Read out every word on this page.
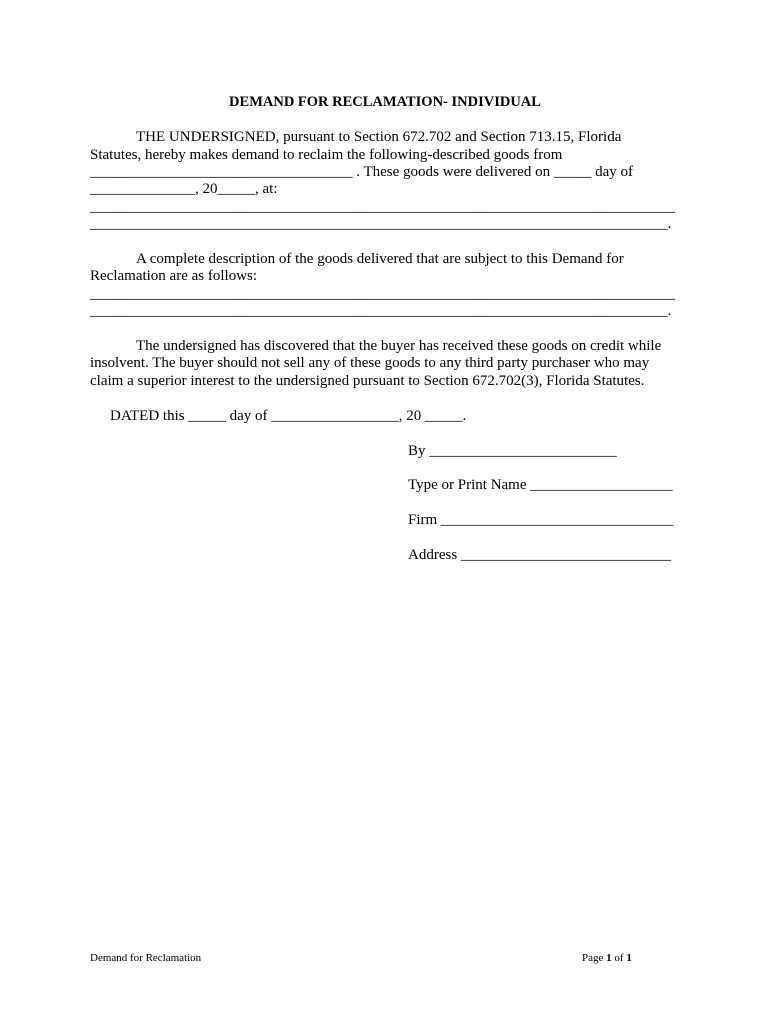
DEMAND FOR RECLAMATION- INDIVIDUAL
THE UNDERSIGNED, pursuant to Section 672.702 and Section 713.15, Florida
Statutes, hereby makes demand to reclaim the following-described goods from
___________________________________ . These goods were delivered on _____ day of
______________, 20_____, at:
______________________________________________________________________________
_____________________________________________________________________________.
A complete description of the goods delivered that are subject to this Demand for
Reclamation are as follows:
______________________________________________________________________________
_____________________________________________________________________________.
The undersigned has discovered that the buyer has received these goods on credit while
insolvent. The buyer should not sell any of these goods to any third party purchaser who may
claim a superior interest to the undersigned pursuant to Section 672.702(3), Florida Statutes.
DATED this _____ day of _________________, 20 _____.
By _________________________
Type or Print Name ___________________
Firm _______________________________
Address ____________________________
Demand for Reclamation	Page 1 of 1
